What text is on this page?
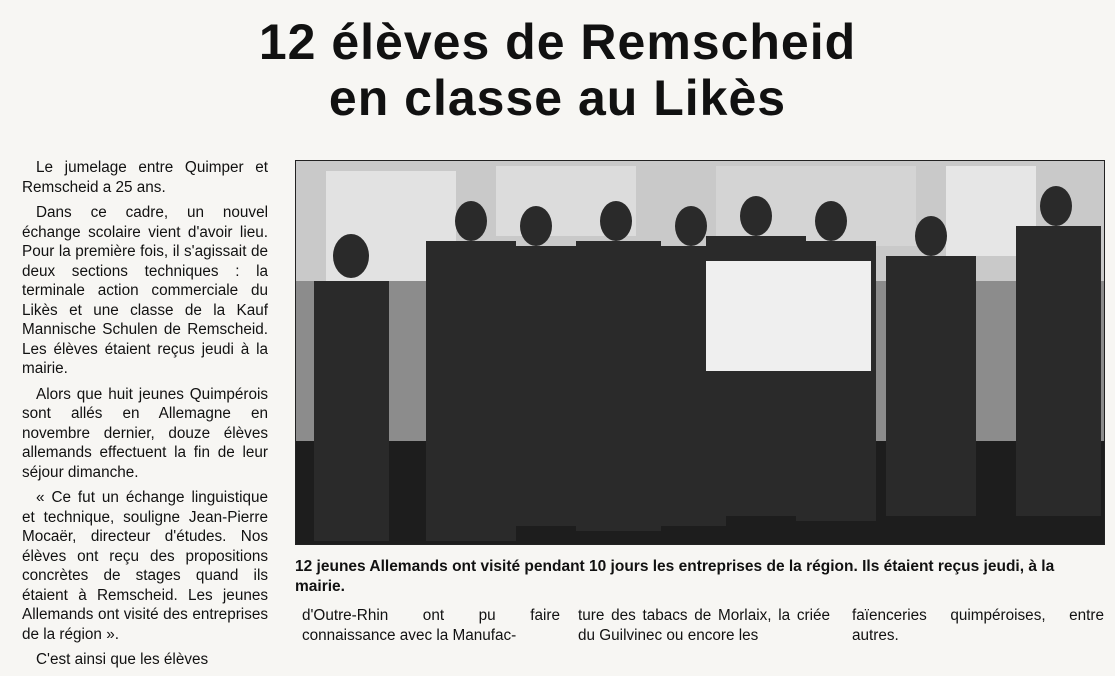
12 élèves de Remscheid
en classe au Likès

Le jumelage entre Quimper et Remscheid a 25 ans.

Dans ce cadre, un nouvel échange scolaire vient d'avoir lieu. Pour la première fois, il s'agissait de deux sections techniques : la terminale action commerciale du Likès et une classe de la Kauf Mannische Schulen de Remscheid. Les élèves étaient reçus jeudi à la mairie.

Alors que huit jeunes Quimpérois sont allés en Allemagne en novembre dernier, douze élèves allemands effectuent la fin de leur séjour dimanche.

« Ce fut un échange linguistique et technique, souligne Jean-Pierre Mocaër, directeur d'études. Nos élèves ont reçu des propositions concrètes de stages quand ils étaient à Remscheid. Les jeunes Allemands ont visité des entreprises de la région ».

C'est ainsi que les élèves

12 jeunes Allemands ont visité pendant 10 jours les entreprises de la région. Ils étaient reçus jeudi, à la mairie.
d'Outre-Rhin ont pu faire connaissance avec la Manufac-
ture des tabacs de Morlaix, la criée du Guilvinec ou encore les
faïenceries quimpéroises, entre autres.
